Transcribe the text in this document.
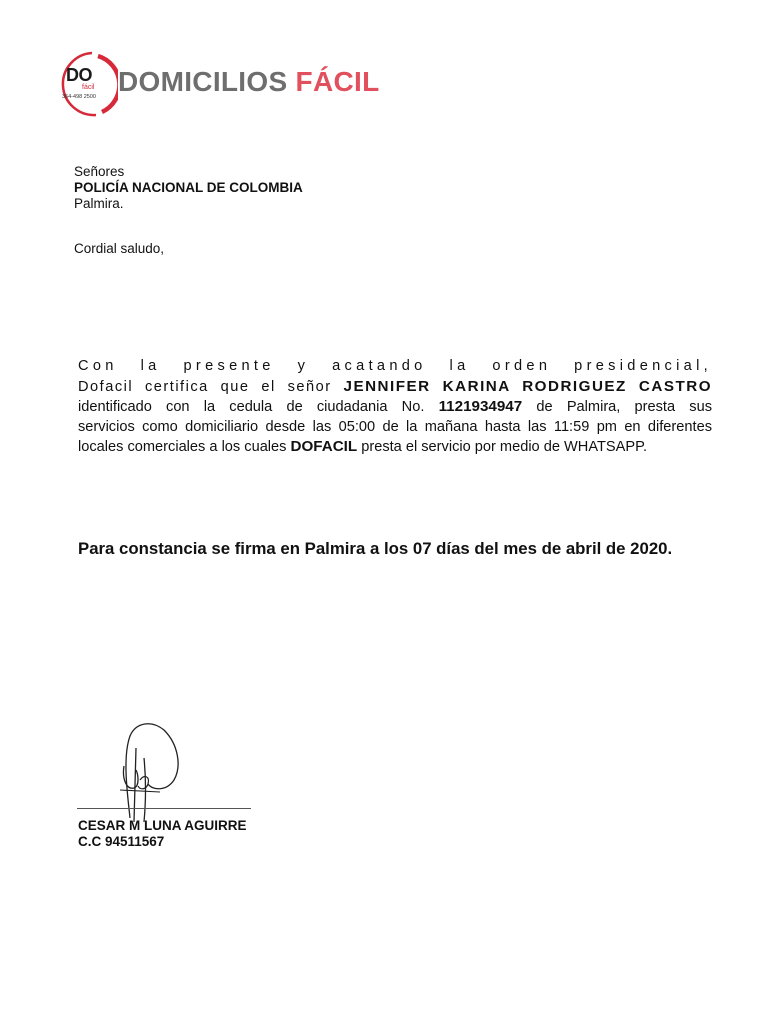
DO
fácil
364-498 2500 DOMICILIOS FÁCIL
Señores
POLICÍA NACIONAL DE COLOMBIA
Palmira.
Cordial saludo,
Con la presente y acatando la orden presidencial,
Dofacil certifica que el señor JENNIFER KARINA RODRIGUEZ CASTRO
identificado con la cedula de ciudadania No. 1121934947 de Palmira, presta sus
servicios como domiciliario desde las 05:00 de la mañana hasta las 11:59 pm en diferentes
locales comerciales a los cuales DOFACIL presta el servicio por medio de WHATSAPP.
Para constancia se firma en Palmira a los 07 días del mes de abril de 2020.
CESAR M LUNA AGUIRRE
C.C 94511567
